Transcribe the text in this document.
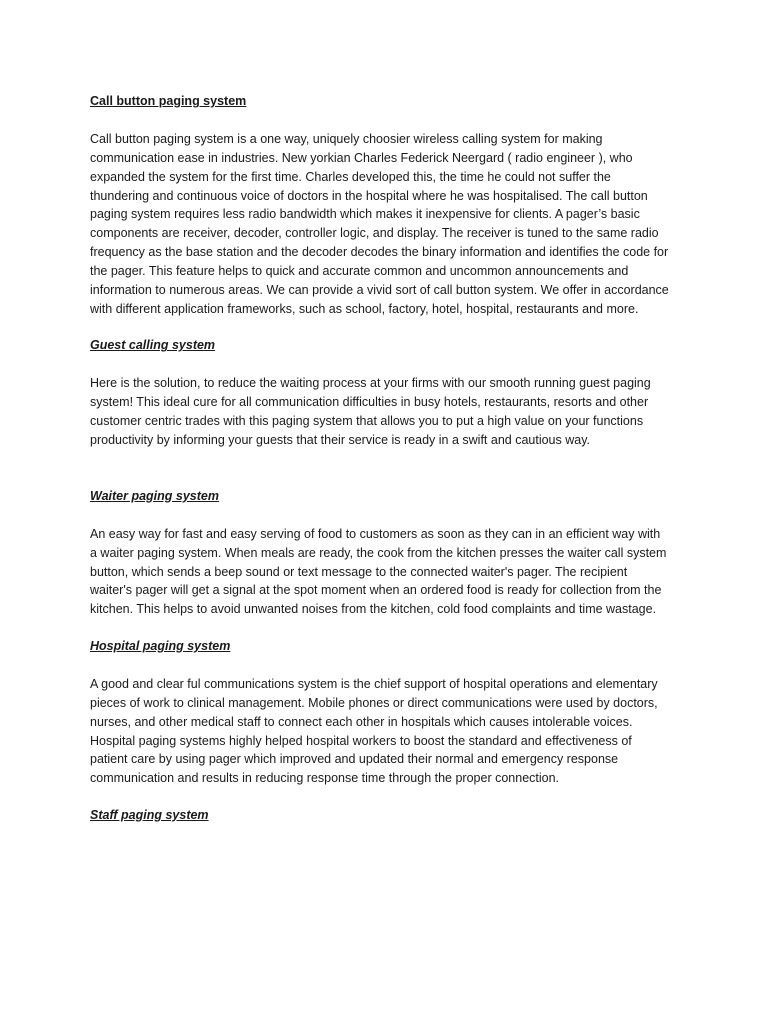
Call button paging system

Call button paging system is a one way, uniquely choosier wireless calling system for making communication ease in industries. New yorkian Charles Federick Neergard ( radio engineer ), who expanded the system for the first time. Charles developed this, the time he could not suffer the thundering and continuous voice of doctors in the hospital where he was hospitalised. The call button paging system requires less radio bandwidth which makes it inexpensive for clients. A pager’s basic components are receiver, decoder, controller logic, and display. The receiver is tuned to the same radio frequency as the base station and the decoder decodes the binary information and identifies the code for the pager. This feature helps to quick and accurate common and uncommon announcements and information to numerous areas. We can provide a vivid sort of call button system. We offer in accordance with different application frameworks, such as school, factory, hotel, hospital, restaurants and more.

Guest calling system

Here is the solution, to reduce the waiting process at your firms with our smooth running guest paging system! This ideal cure for all communication difficulties in busy hotels, restaurants, resorts and other customer centric trades with this paging system that allows you to put a high value on your functions productivity by informing your guests that their service is ready in a swift and cautious way.

Waiter paging system

An easy way for fast and easy serving of food to customers as soon as they can in an efficient way with a waiter paging system. When meals are ready, the cook from the kitchen presses the waiter call system button, which sends a beep sound or text message to the connected waiter's pager. The recipient waiter's pager will get a signal at the spot moment when an ordered food is ready for collection from the kitchen. This helps to avoid unwanted noises from the kitchen, cold food complaints and time wastage.

Hospital paging system

A good and clear ful communications system is the chief support of hospital operations and elementary pieces of work to clinical management. Mobile phones or direct communications were used by doctors, nurses, and other medical staff to connect each other in hospitals which causes intolerable voices. Hospital paging systems highly helped hospital workers to boost the standard and effectiveness of patient care by using pager which improved and updated their normal and emergency response communication and results in reducing response time through the proper connection.

Staff paging system
